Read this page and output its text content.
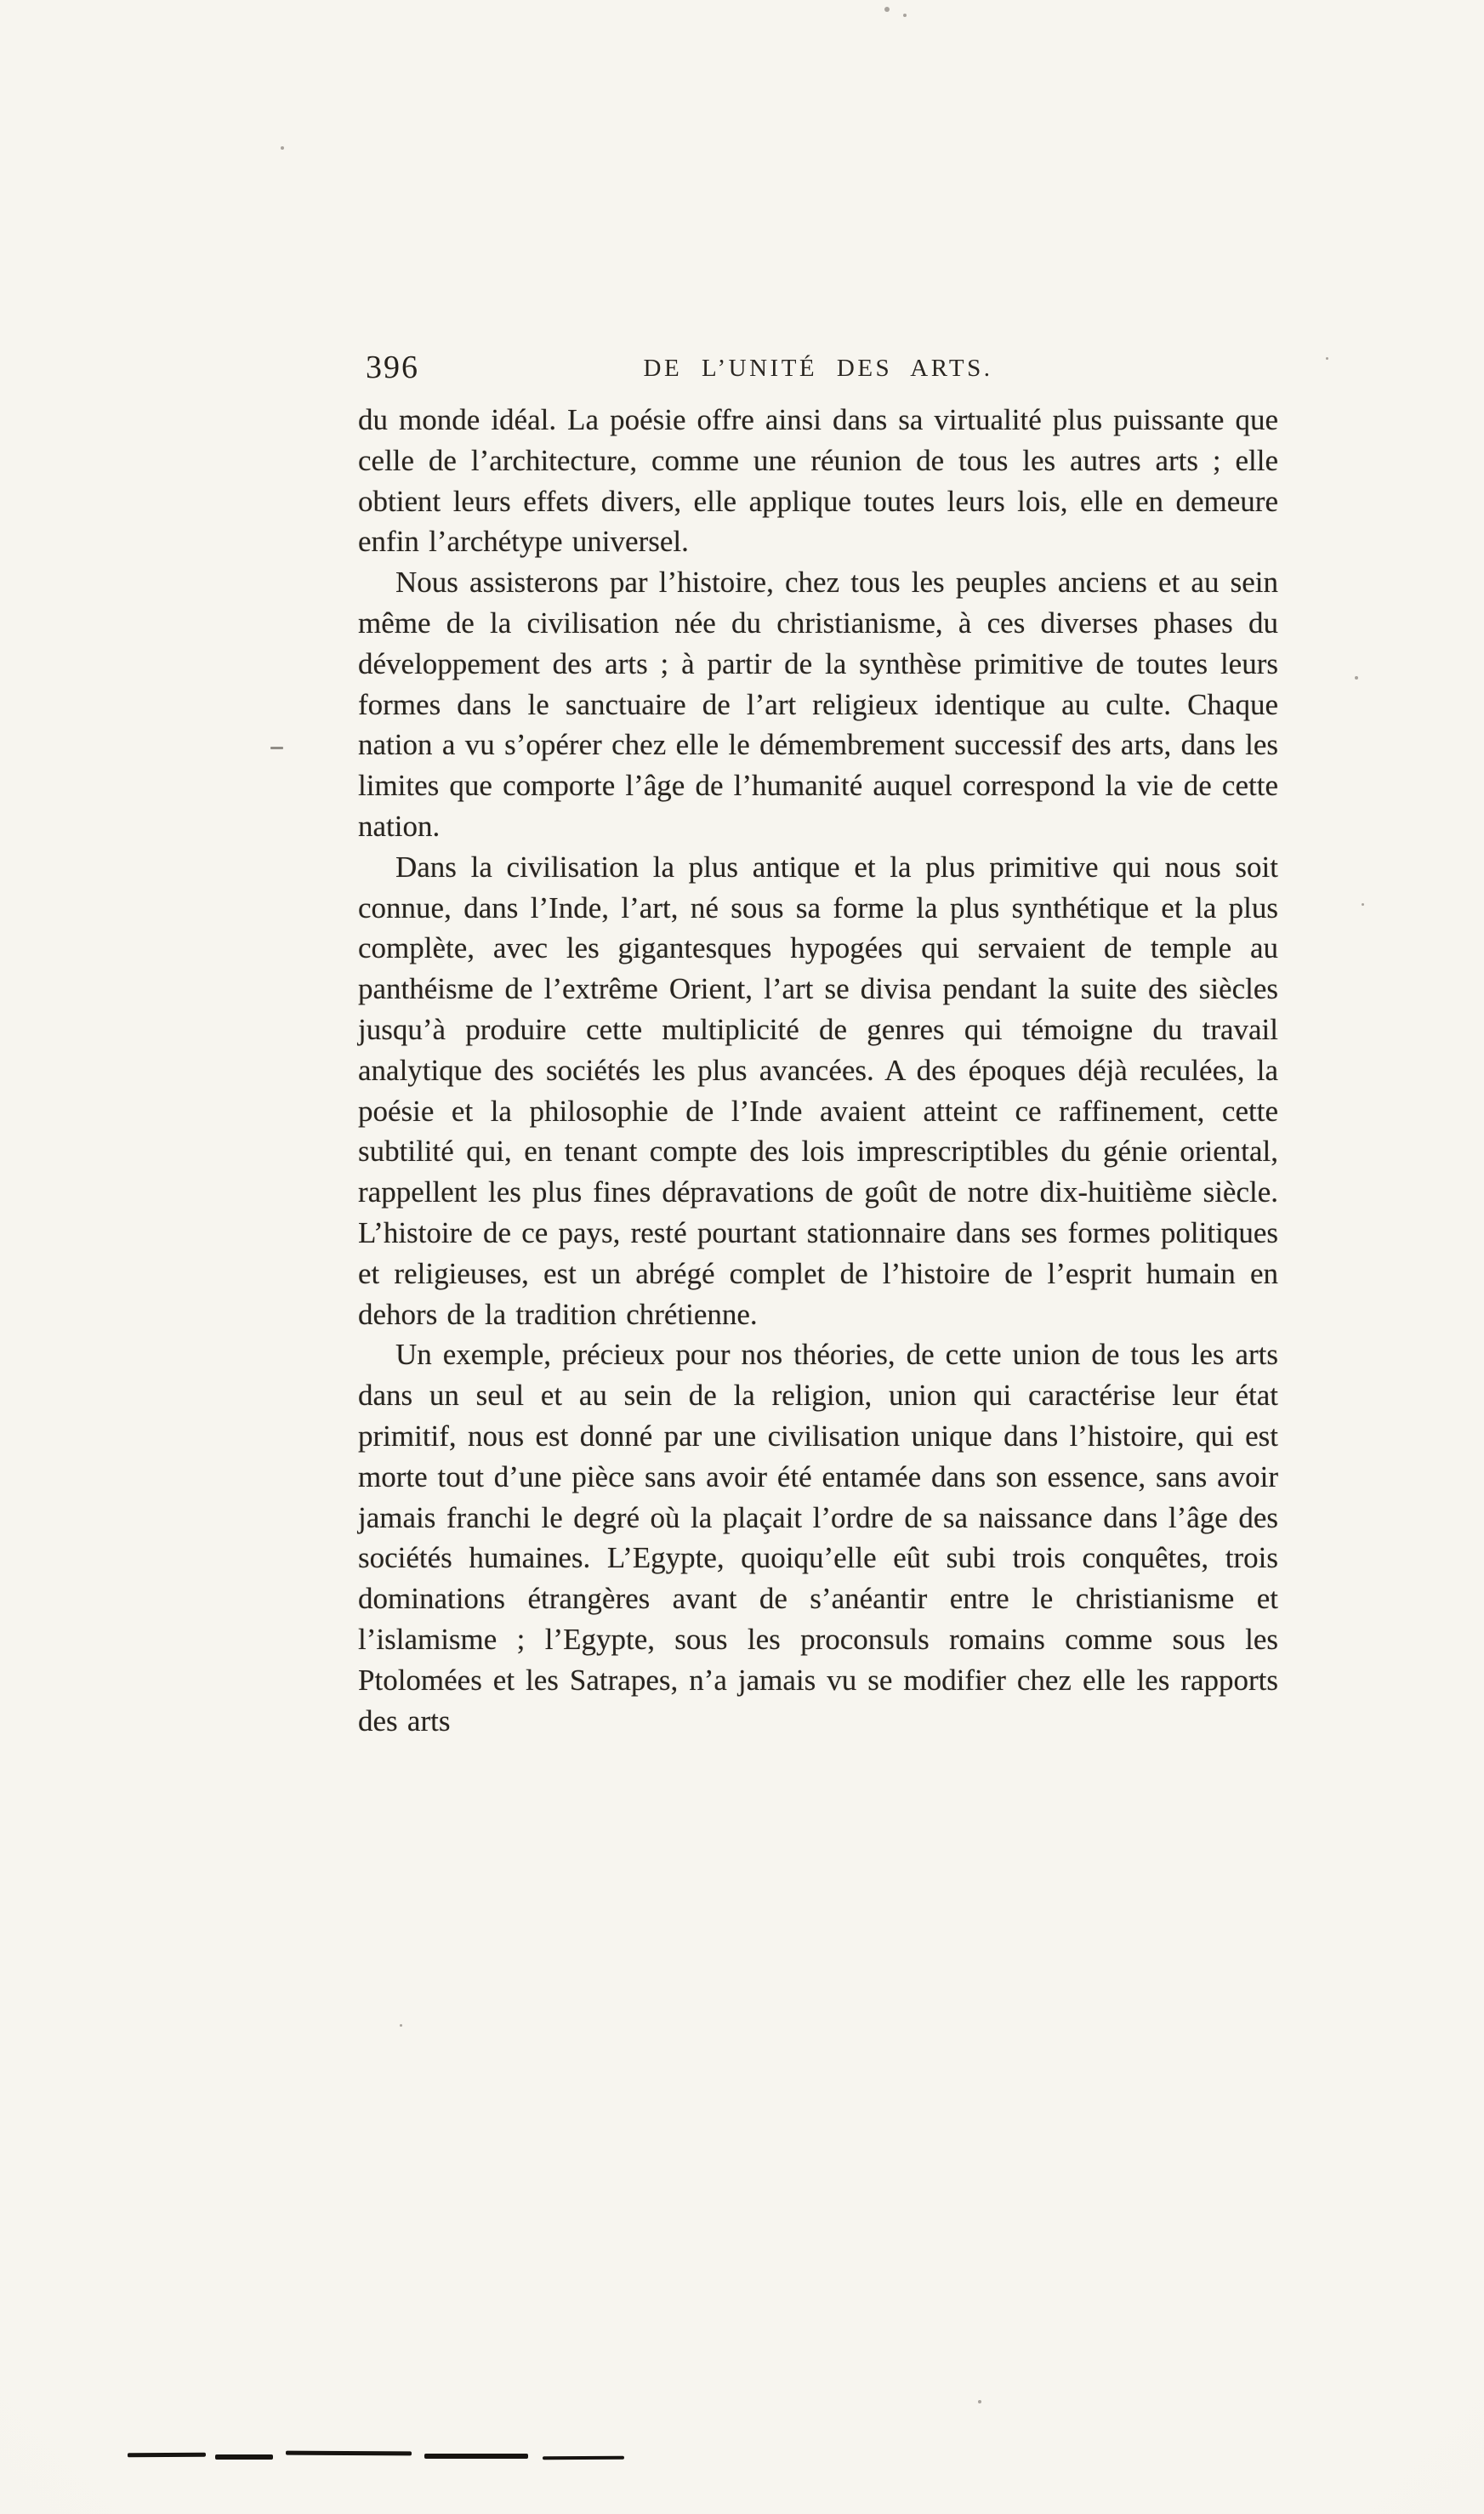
396	DE L’UNITÉ DES ARTS.

du monde idéal. La poésie offre ainsi dans sa virtualité plus puissante que celle de l’architecture, comme une réunion de tous les autres arts ; elle obtient leurs effets divers, elle applique toutes leurs lois, elle en demeure enfin l’archétype universel.

Nous assisterons par l’histoire, chez tous les peuples anciens et au sein même de la civilisation née du christianisme, à ces diverses phases du développement des arts ; à partir de la synthèse primitive de toutes leurs formes dans le sanctuaire de l’art religieux identique au culte. Chaque nation a vu s’opérer chez elle le démembrement successif des arts, dans les limites que comporte l’âge de l’humanité auquel correspond la vie de cette nation.

Dans la civilisation la plus antique et la plus primitive qui nous soit connue, dans l’Inde, l’art, né sous sa forme la plus synthétique et la plus complète, avec les gigantesques hypogées qui servaient de temple au panthéisme de l’extrême Orient, l’art se divisa pendant la suite des siècles jusqu’à produire cette multiplicité de genres qui témoigne du travail analytique des sociétés les plus avancées. A des époques déjà reculées, la poésie et la philosophie de l’Inde avaient atteint ce raffinement, cette subtilité qui, en tenant compte des lois imprescriptibles du génie oriental, rappellent les plus fines dépravations de goût de notre dix-huitième siècle. L’histoire de ce pays, resté pourtant stationnaire dans ses formes politiques et religieuses, est un abrégé complet de l’histoire de l’esprit humain en dehors de la tradition chrétienne.

Un exemple, précieux pour nos théories, de cette union de tous les arts dans un seul et au sein de la religion, union qui caractérise leur état primitif, nous est donné par une civilisation unique dans l’histoire, qui est morte tout d’une pièce sans avoir été entamée dans son essence, sans avoir jamais franchi le degré où la plaçait l’ordre de sa naissance dans l’âge des sociétés humaines. L’Egypte, quoiqu’elle eût subi trois conquêtes, trois dominations étrangères avant de s’anéantir entre le christianisme et l’islamisme ; l’Egypte, sous les proconsuls romains comme sous les Ptolomées et les Satrapes, n’a jamais vu se modifier chez elle les rapports des arts
